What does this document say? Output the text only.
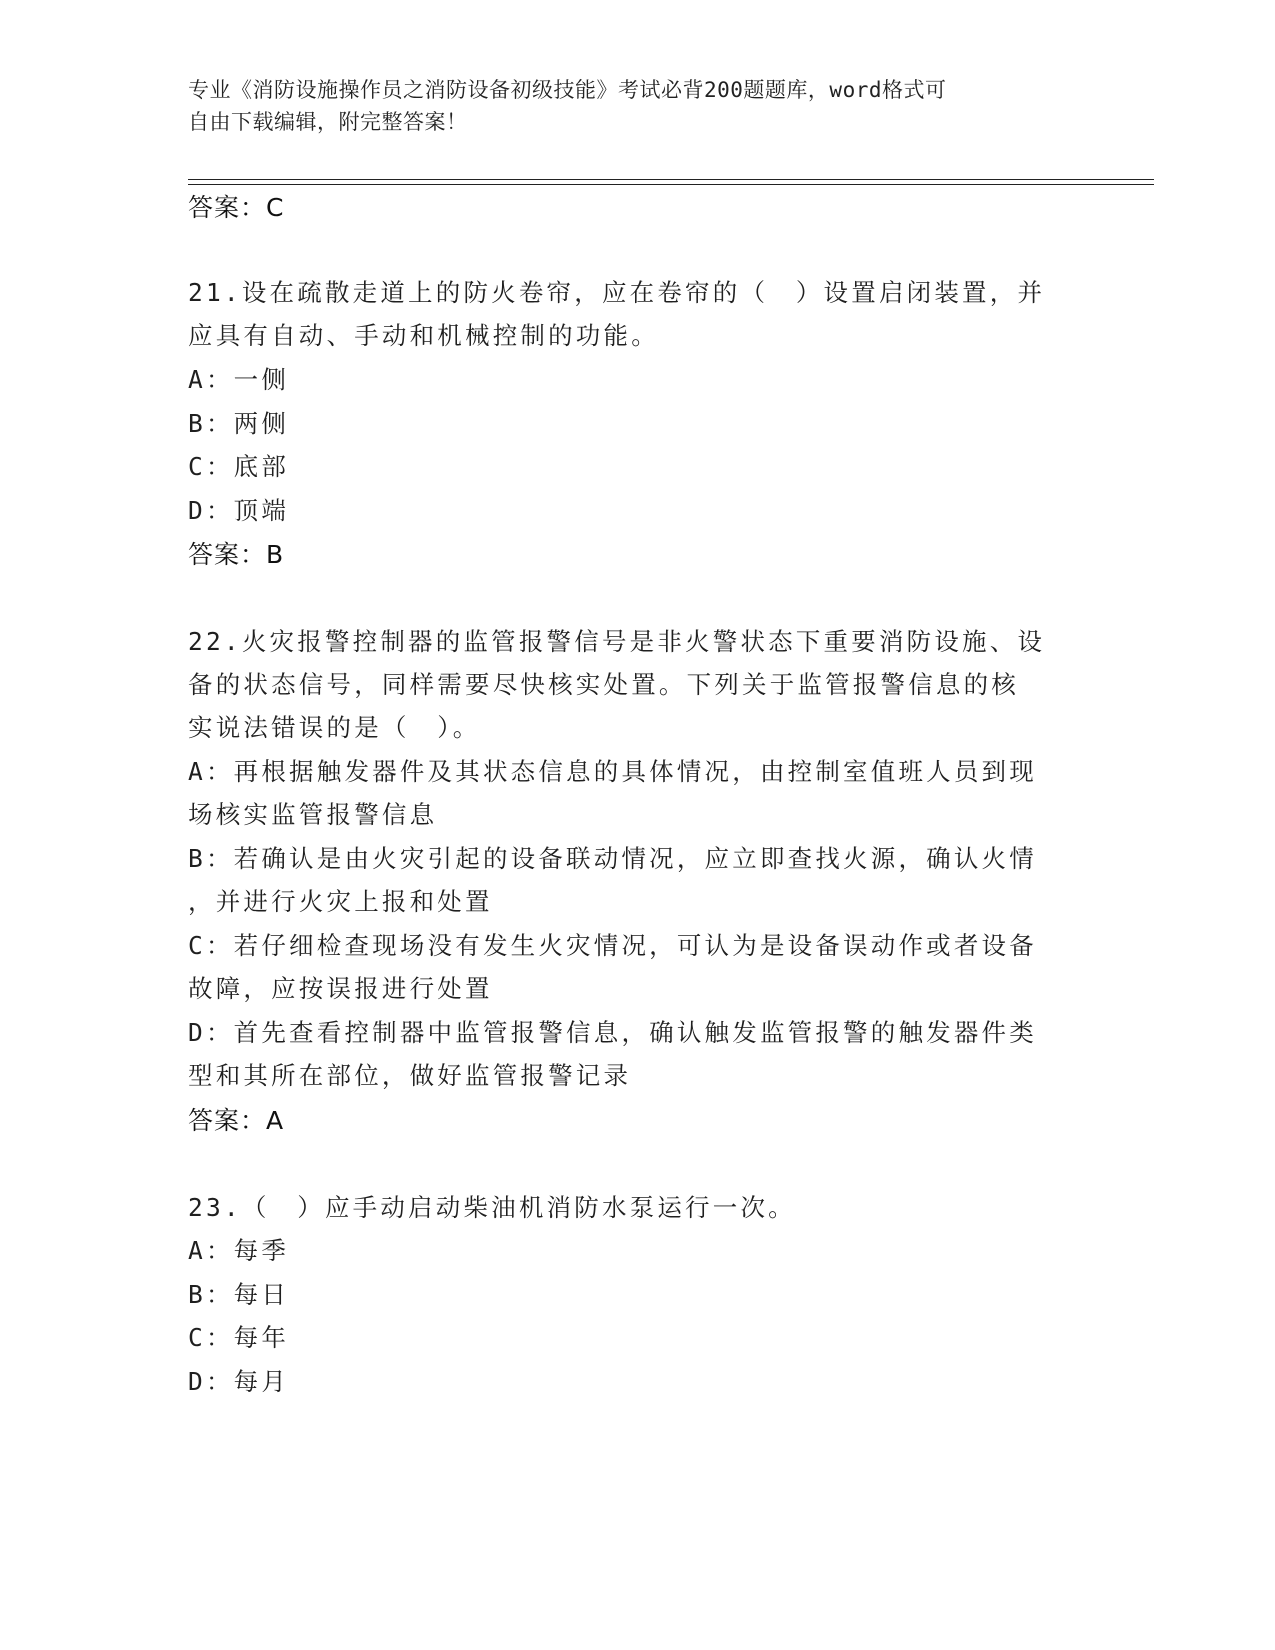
专业《消防设施操作员之消防设备初级技能》考试必背200题题库，word格式可
自由下载编辑，附完整答案！
答案：C
21.设在疏散走道上的防火卷帘，应在卷帘的（　）设置启闭装置，并
应具有自动、手动和机械控制的功能。
A：一侧
B：两侧
C：底部
D：顶端
答案：B
22.火灾报警控制器的监管报警信号是非火警状态下重要消防设施、设
备的状态信号，同样需要尽快核实处置。下列关于监管报警信息的核
实说法错误的是（　）。
A：再根据触发器件及其状态信息的具体情况，由控制室值班人员到现
场核实监管报警信息
B：若确认是由火灾引起的设备联动情况，应立即查找火源，确认火情
，并进行火灾上报和处置
C：若仔细检查现场没有发生火灾情况，可认为是设备误动作或者设备
故障，应按误报进行处置
D：首先查看控制器中监管报警信息，确认触发监管报警的触发器件类
型和其所在部位，做好监管报警记录
答案：A
23.（　）应手动启动柴油机消防水泵运行一次。
A：每季
B：每日
C：每年
D：每月
